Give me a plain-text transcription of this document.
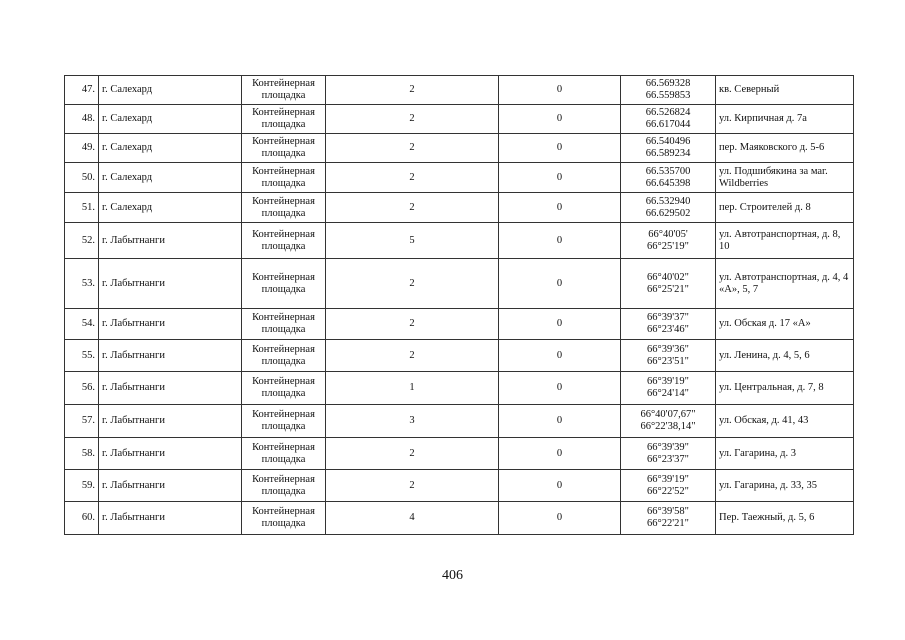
47.	г. Салехард	Контейнерная
площадка	2	0	66.569328
66.559853	кв. Северный
48.	г. Салехард	Контейнерная
площадка	2	0	66.526824
66.617044	ул. Кирпичная д. 7а
49.	г. Салехард	Контейнерная
площадка	2	0	66.540496
66.589234	пер. Маяковского д. 5-6
50.	г. Салехард	Контейнерная
площадка	2	0	66.535700
66.645398	ул. Подшибякина за маг. Wildberries
51.	г. Салехард	Контейнерная
площадка	2	0	66.532940
66.629502	пер. Строителей д. 8
52.	г. Лабытнанги	Контейнерная
площадка	5	0	66°40'05'
66°25'19"	ул. Автотранспортная, д. 8, 10
53.	г. Лабытнанги	Контейнерная
площадка	2	0	66°40'02"
66°25'21"	ул. Автотранспортная, д. 4, 4 «А», 5, 7
54.	г. Лабытнанги	Контейнерная
площадка	2	0	66°39'37"
66°23'46"	ул. Обская д. 17 «А»
55.	г. Лабытнанги	Контейнерная
площадка	2	0	66°39'36"
66°23'51"	ул. Ленина, д. 4, 5, 6
56.	г. Лабытнанги	Контейнерная
площадка	1	0	66°39'19"
66°24'14"	ул. Центральная, д. 7, 8
57.	г. Лабытнанги	Контейнерная
площадка	3	0	66°40'07,67"
66°22'38,14"	ул. Обская, д. 41, 43
58.	г. Лабытнанги	Контейнерная
площадка	2	0	66°39'39"
66°23'37"	ул. Гагарина, д. 3
59.	г. Лабытнанги	Контейнерная
площадка	2	0	66°39'19"
66°22'52"	ул. Гагарина, д. 33, 35
60.	г. Лабытнанги	Контейнерная
площадка	4	0	66°39'58"
66°22'21"	Пер. Таежный, д. 5, 6
406
